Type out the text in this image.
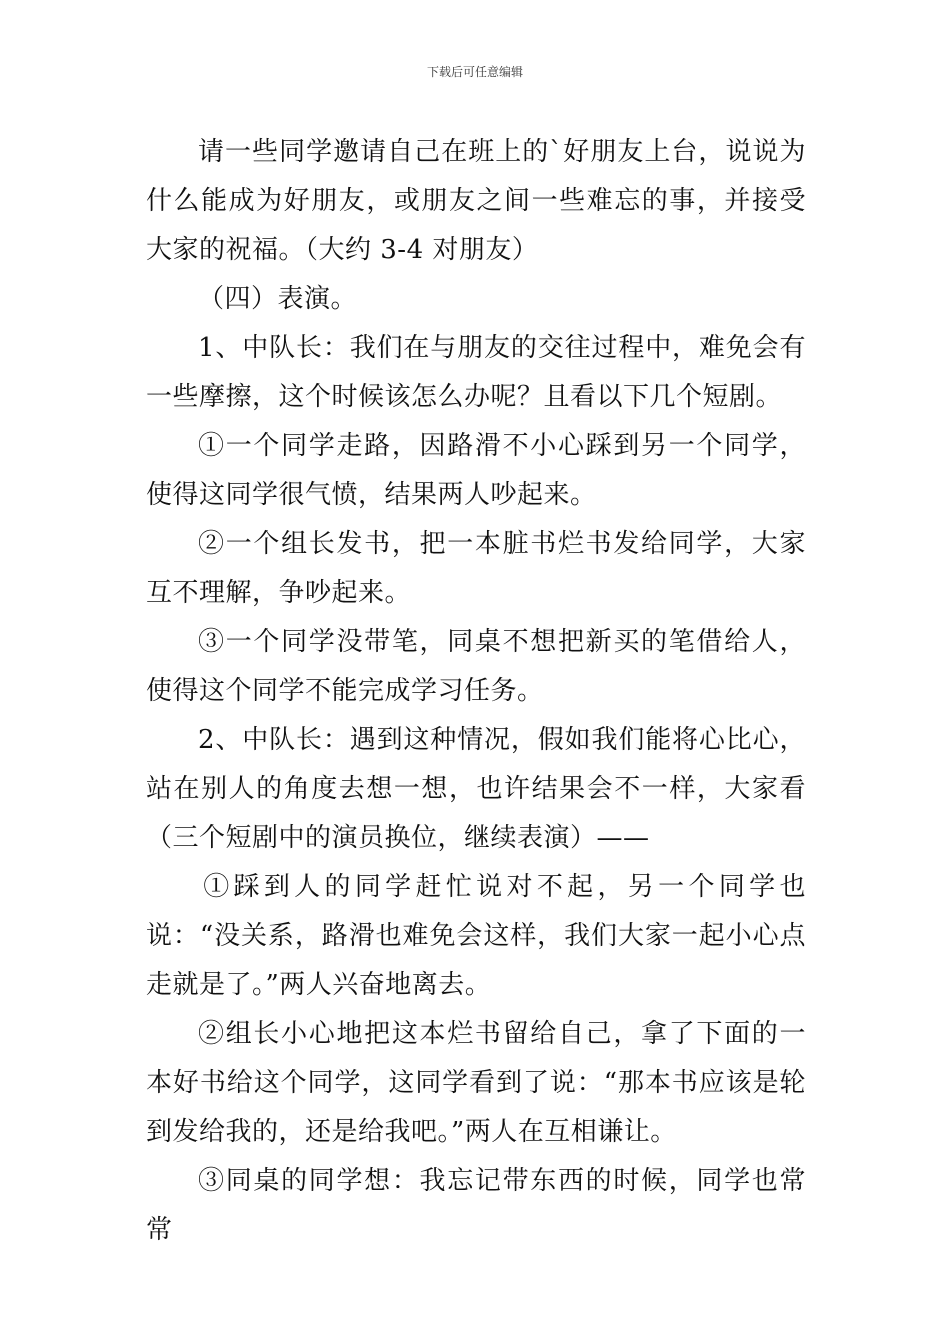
下载后可任意编辑

请一些同学邀请自己在班上的`好朋友上台，说说为什么能成为好朋友，或朋友之间一些难忘的事，并接受大家的祝福。（大约 3-4 对朋友）

（四）表演。

1、中队长：我们在与朋友的交往过程中，难免会有一些摩擦，这个时候该怎么办呢？且看以下几个短剧。

①一个同学走路，因路滑不小心踩到另一个同学，使得这同学很气愤，结果两人吵起来。

②一个组长发书，把一本脏书烂书发给同学，大家互不理解，争吵起来。

③一个同学没带笔，同桌不想把新买的笔借给人，使得这个同学不能完成学习任务。

2、中队长：遇到这种情况，假如我们能将心比心，站在别人的角度去想一想，也许结果会不一样，大家看（三个短剧中的演员换位，继续表演）——

①踩到人的同学赶忙说对不起，另一个同学也说：“没关系，路滑也难免会这样，我们大家一起小心点走就是了。”两人兴奋地离去。

②组长小心地把这本烂书留给自己，拿了下面的一本好书给这个同学，这同学看到了说：“那本书应该是轮到发给我的，还是给我吧。”两人在互相谦让。

③同桌的同学想：我忘记带东西的时候，同学也常常
